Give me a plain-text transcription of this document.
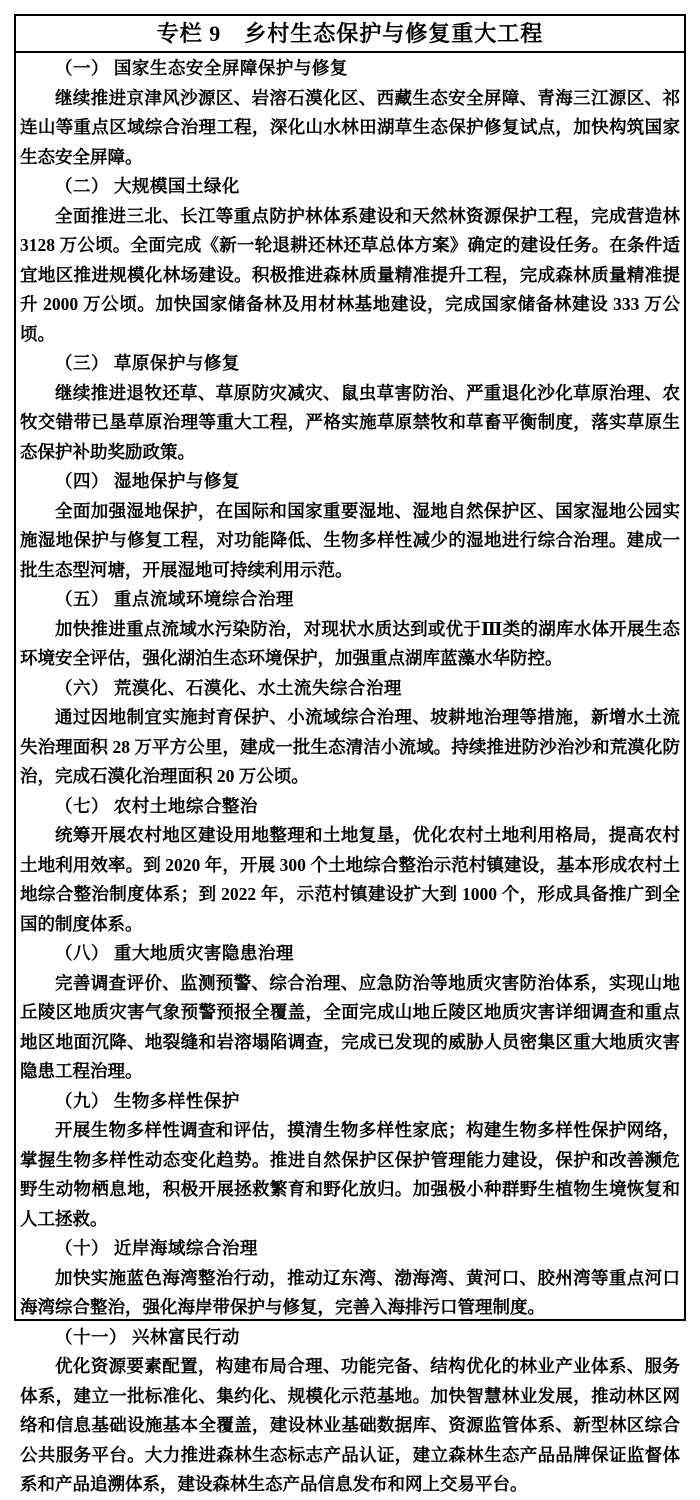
专栏 9　乡村生态保护与修复重大工程

（一） 国家生态安全屏障保护与修复

继续推进京津风沙源区、岩溶石漠化区、西藏生态安全屏障、青海三江源区、祁连山等重点区域综合治理工程，深化山水林田湖草生态保护修复试点，加快构筑国家生态安全屏障。

（二） 大规模国土绿化

全面推进三北、长江等重点防护林体系建设和天然林资源保护工程，完成营造林 3128 万公顷。全面完成《新一轮退耕还林还草总体方案》确定的建设任务。在条件适宜地区推进规模化林场建设。积极推进森林质量精准提升工程，完成森林质量精准提升 2000 万公顷。加快国家储备林及用材林基地建设，完成国家储备林建设 333 万公顷。

（三） 草原保护与修复

继续推进退牧还草、草原防灾减灾、鼠虫草害防治、严重退化沙化草原治理、农牧交错带已垦草原治理等重大工程，严格实施草原禁牧和草畜平衡制度，落实草原生态保护补助奖励政策。

（四） 湿地保护与修复

全面加强湿地保护，在国际和国家重要湿地、湿地自然保护区、国家湿地公园实施湿地保护与修复工程，对功能降低、生物多样性减少的湿地进行综合治理。建成一批生态型河塘，开展湿地可持续利用示范。

（五） 重点流域环境综合治理

加快推进重点流域水污染防治，对现状水质达到或优于Ⅲ类的湖库水体开展生态环境安全评估，强化湖泊生态环境保护，加强重点湖库蓝藻水华防控。

（六） 荒漠化、石漠化、水土流失综合治理

通过因地制宜实施封育保护、小流域综合治理、坡耕地治理等措施，新增水土流失治理面积 28 万平方公里，建成一批生态清洁小流域。持续推进防沙治沙和荒漠化防治，完成石漠化治理面积 20 万公顷。

（七） 农村土地综合整治

统筹开展农村地区建设用地整理和土地复垦，优化农村土地利用格局，提高农村土地利用效率。到 2020 年，开展 300 个土地综合整治示范村镇建设，基本形成农村土地综合整治制度体系；到 2022 年，示范村镇建设扩大到 1000 个，形成具备推广到全国的制度体系。

（八） 重大地质灾害隐患治理

完善调查评价、监测预警、综合治理、应急防治等地质灾害防治体系，实现山地丘陵区地质灾害气象预警预报全覆盖，全面完成山地丘陵区地质灾害详细调查和重点地区地面沉降、地裂缝和岩溶塌陷调查，完成已发现的威胁人员密集区重大地质灾害隐患工程治理。

（九） 生物多样性保护

开展生物多样性调查和评估，摸清生物多样性家底；构建生物多样性保护网络，掌握生物多样性动态变化趋势。推进自然保护区保护管理能力建设，保护和改善濒危野生动物栖息地，积极开展拯救繁育和野化放归。加强极小种群野生植物生境恢复和人工拯救。

（十） 近岸海域综合治理

加快实施蓝色海湾整治行动，推动辽东湾、渤海湾、黄河口、胶州湾等重点河口海湾综合整治，强化海岸带保护与修复，完善入海排污口管理制度。

（十一） 兴林富民行动

优化资源要素配置，构建布局合理、功能完备、结构优化的林业产业体系、服务体系，建立一批标准化、集约化、规模化示范基地。加快智慧林业发展，推动林区网络和信息基础设施基本全覆盖，建设林业基础数据库、资源监管体系、新型林区综合公共服务平台。大力推进森林生态标志产品认证，建立森林生态产品品牌保证监督体系和产品追溯体系，建设森林生态产品信息发布和网上交易平台。
